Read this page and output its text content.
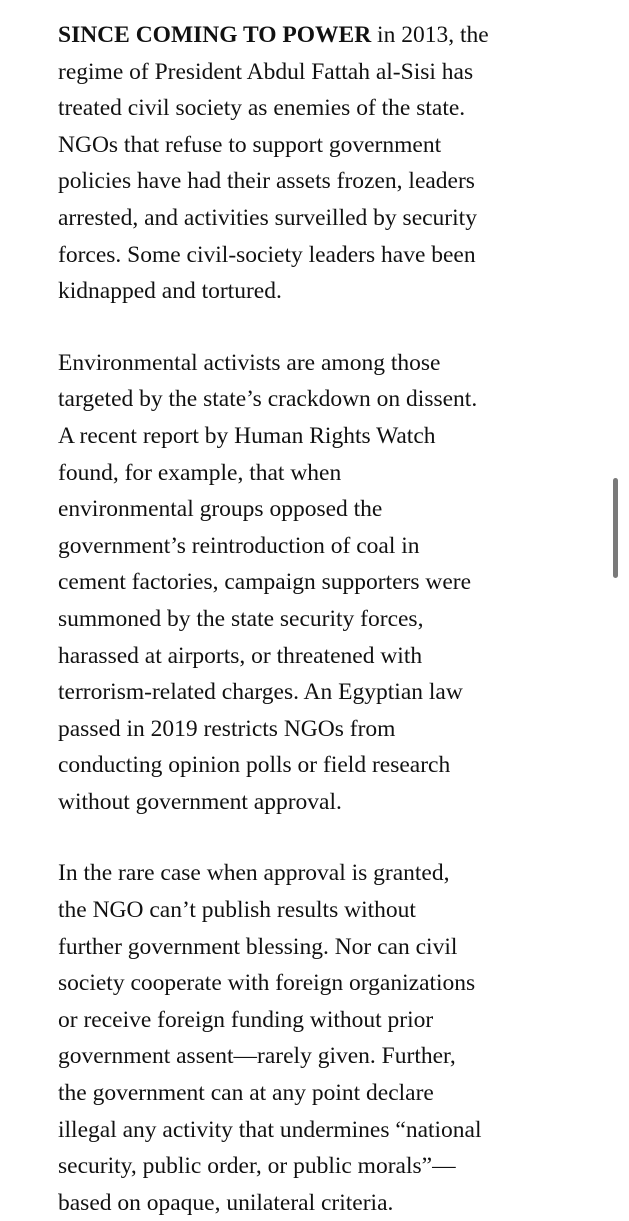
SINCE COMING TO POWER in 2013, the
regime of President Abdul Fattah al-Sisi has
treated civil society as enemies of the state.
NGOs that refuse to support government
policies have had their assets frozen, leaders
arrested, and activities surveilled by security
forces. Some civil-society leaders have been
kidnapped and tortured.

Environmental activists are among those
targeted by the state’s crackdown on dissent.
A recent report by Human Rights Watch
found, for example, that when
environmental groups opposed the
government’s reintroduction of coal in
cement factories, campaign supporters were
summoned by the state security forces,
harassed at airports, or threatened with
terrorism-related charges. An Egyptian law
passed in 2019 restricts NGOs from
conducting opinion polls or field research
without government approval.

In the rare case when approval is granted,
the NGO can’t publish results without
further government blessing. Nor can civil
society cooperate with foreign organizations
or receive foreign funding without prior
government assent—rarely given. Further,
the government can at any point declare
illegal any activity that undermines “national
security, public order, or public morals”—
based on opaque, unilateral criteria.
